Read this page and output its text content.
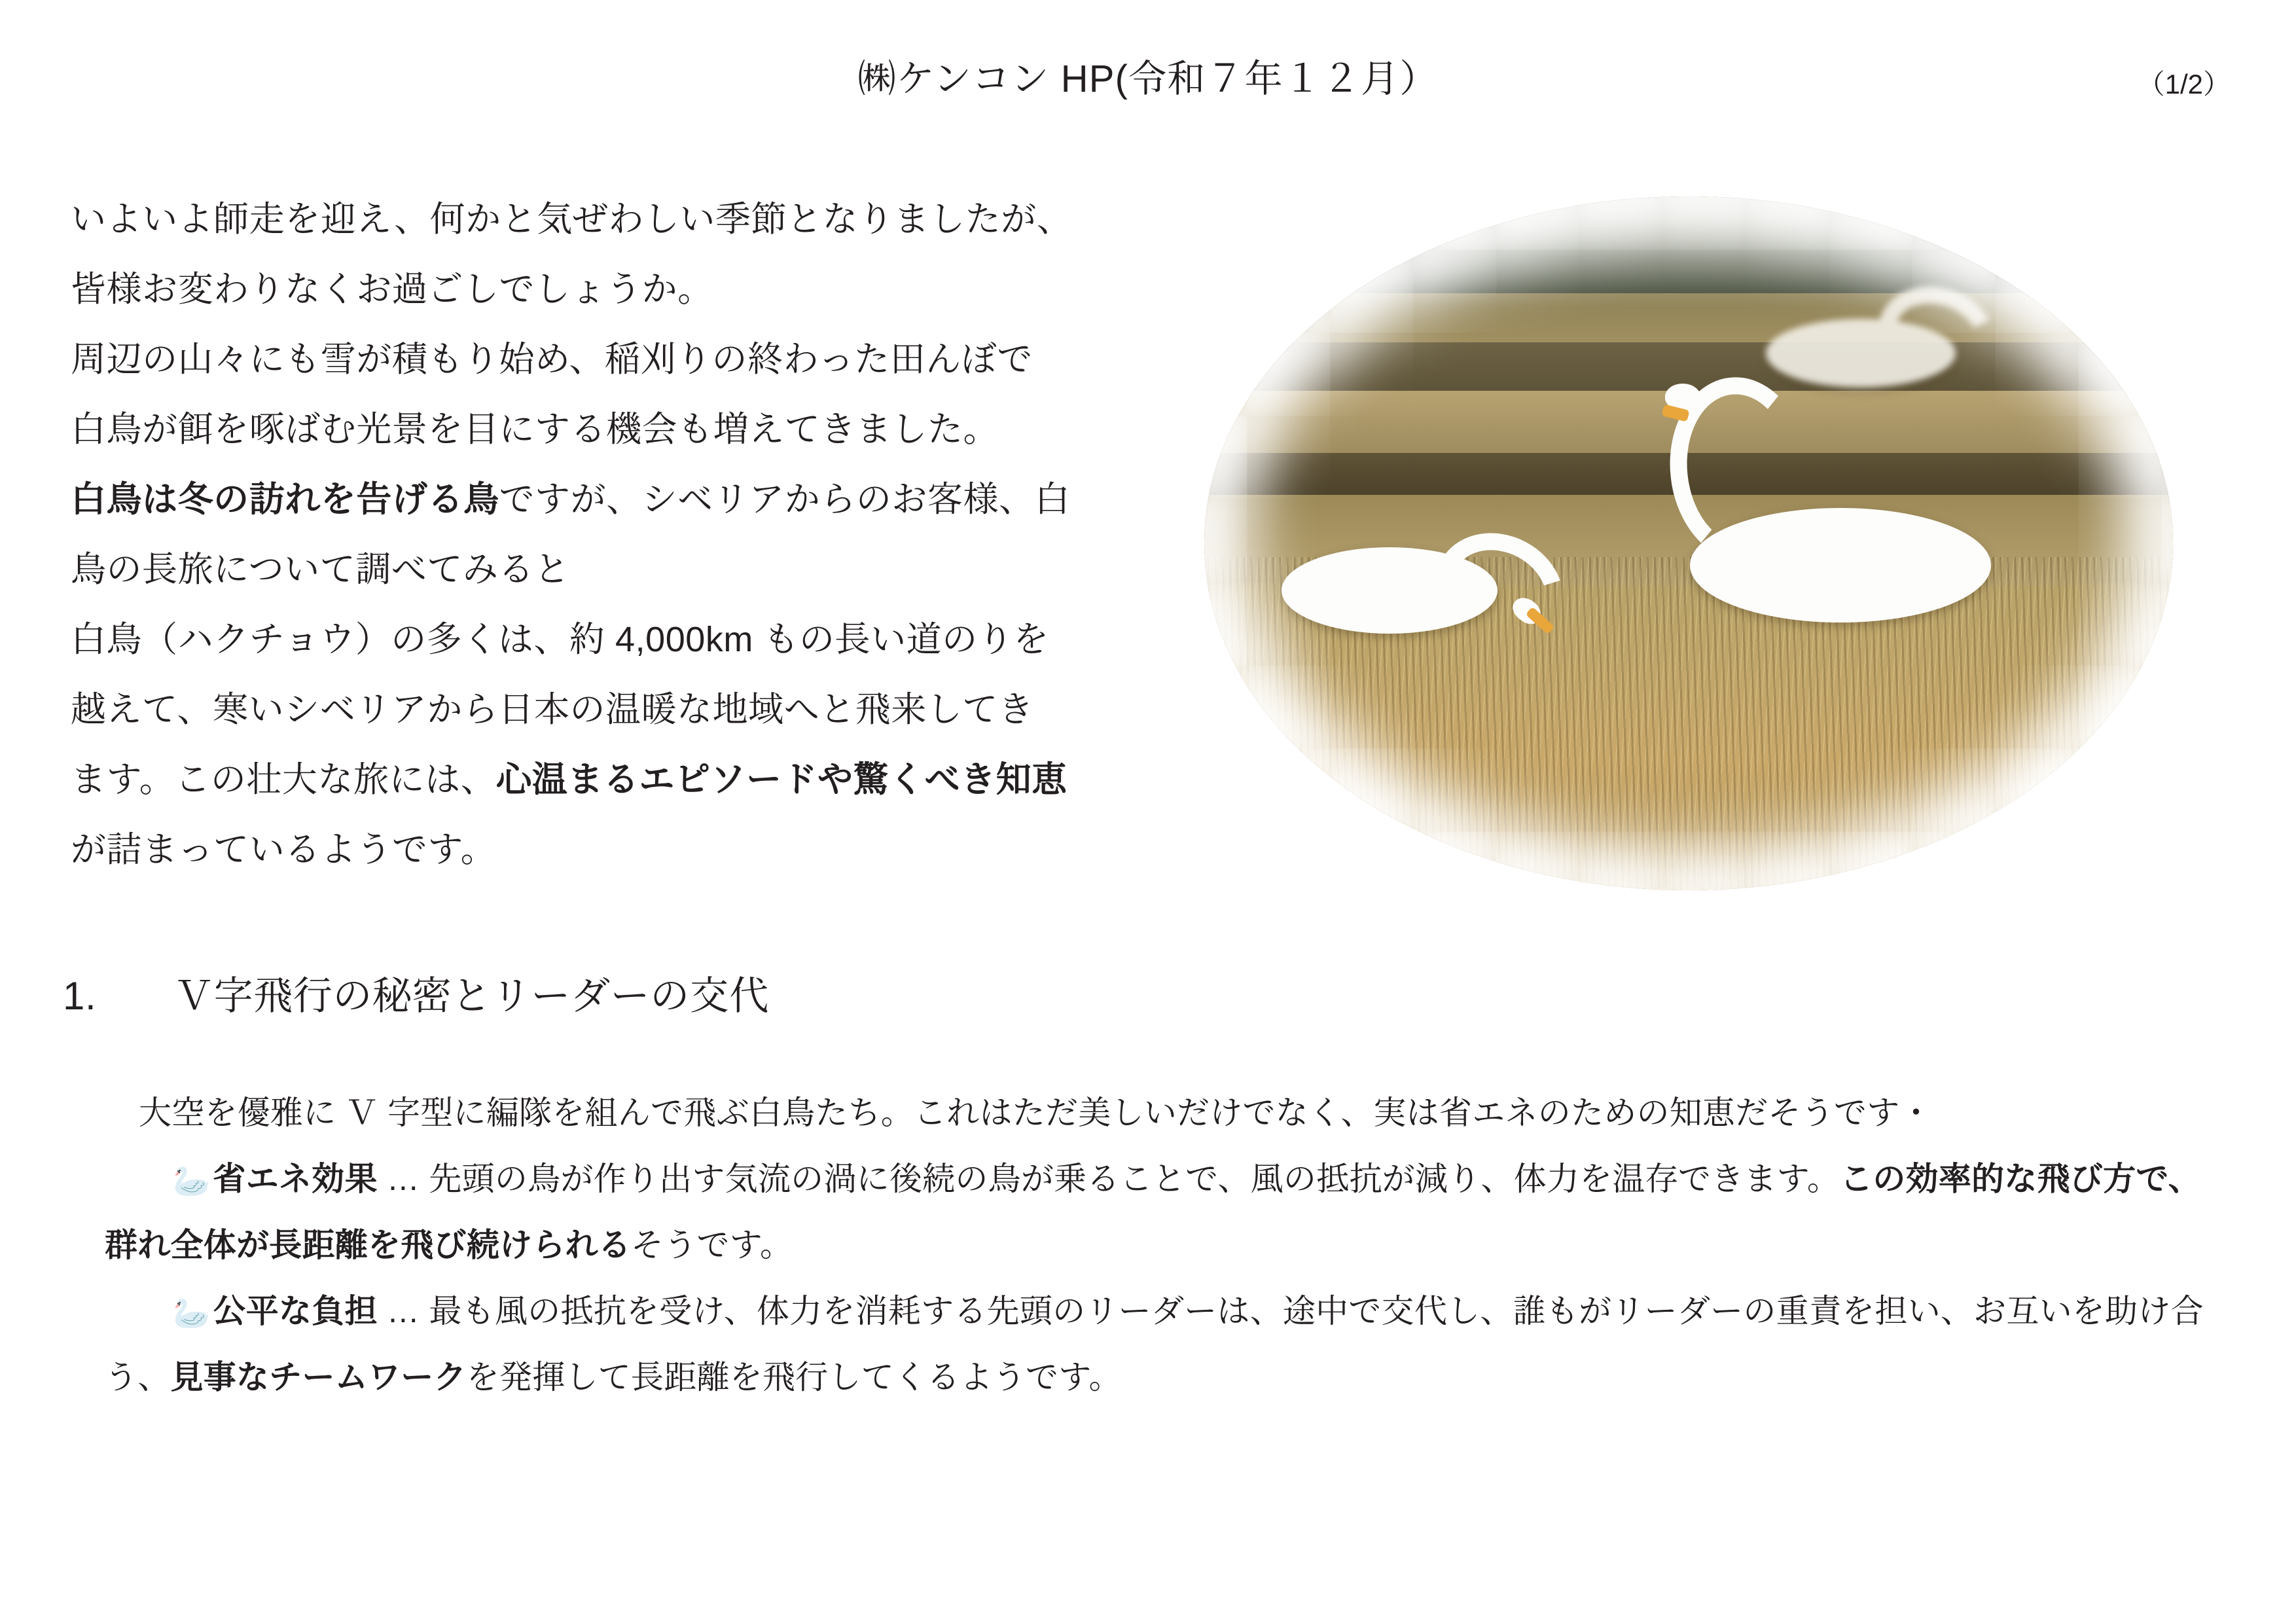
㈱ケンコン HP(令和７年１２月）	（1/2）

いよいよ師走を迎え、何かと気ぜわしい季節となりましたが、

皆様お変わりなくお過ごしでしょうか。

周辺の山々にも雪が積もり始め、稲刈りの終わった田んぼで

白鳥が餌を啄ばむ光景を目にする機会も増えてきました。

白鳥は冬の訪れを告げる鳥ですが、シベリアからのお客様、白

鳥の長旅について調べてみると

白鳥（ハクチョウ）の多くは、約 4,000km もの長い道のりを

越えて、寒いシベリアから日本の温暖な地域へと飛来してき

ます。この壮大な旅には、心温まるエピソードや驚くべき知恵

が詰まっているようです。

1. Ｖ字飛行の秘密とリーダーの交代

大空を優雅に Ｖ 字型に編隊を組んで飛ぶ白鳥たち。これはただ美しいだけでなく、実は省エネのための知恵だそうです・

🦢省エネ効果 … 先頭の鳥が作り出す気流の渦に後続の鳥が乗ることで、風の抵抗が減り、体力を温存できます。この効率的な飛び方で、群れ全体が長距離を飛び続けられるそうです。

🦢公平な負担 … 最も風の抵抗を受け、体力を消耗する先頭のリーダーは、途中で交代し、誰もがリーダーの重責を担い、お互いを助け合う、見事なチームワークを発揮して長距離を飛行してくるようです。
